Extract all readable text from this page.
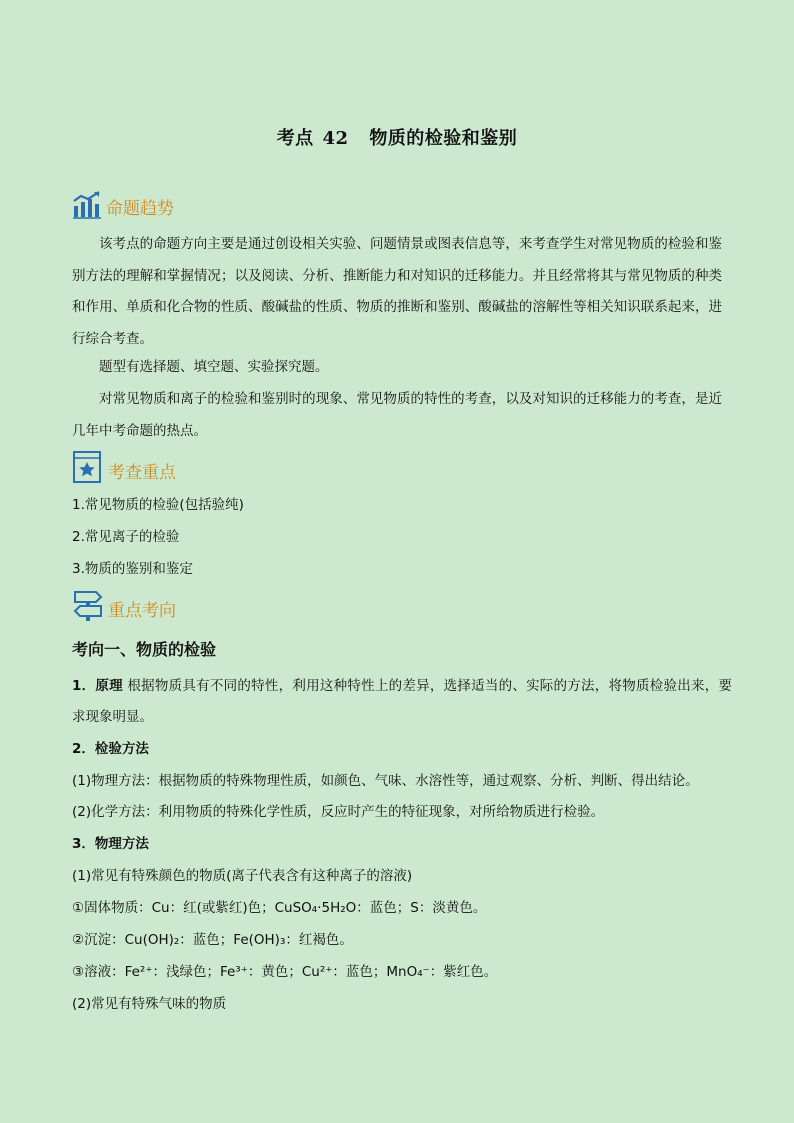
考点 42 物质的检验和鉴别
命题趋势
该考点的命题方向主要是通过创设相关实验、问题情景或图表信息等，来考查学生对常见物质的检验和鉴别方法的理解和掌握情况；以及阅读、分析、推断能力和对知识的迁移能力。并且经常将其与常见物质的种类和作用、单质和化合物的性质、酸碱盐的性质、物质的推断和鉴别、酸碱盐的溶解性等相关知识联系起来，进行综合考查。
题型有选择题、填空题、实验探究题。
对常见物质和离子的检验和鉴别时的现象、常见物质的特性的考查，以及对知识的迁移能力的考查，是近几年中考命题的热点。
考查重点
1.常见物质的检验(包括验纯)
2.常见离子的检验
3.物质的鉴别和鉴定
重点考向
考向一、物质的检验
1．原理 根据物质具有不同的特性，利用这种特性上的差异，选择适当的、实际的方法，将物质检验出来，要求现象明显。
2．检验方法
(1)物理方法：根据物质的特殊物理性质，如颜色、气味、水溶性等，通过观察、分析、判断、得出结论。
(2)化学方法：利用物质的特殊化学性质，反应时产生的特征现象，对所给物质进行检验。
3．物理方法
(1)常见有特殊颜色的物质(离子代表含有这种离子的溶液)
①固体物质：Cu：红(或紫红)色；CuSO₄·5H₂O：蓝色；S：淡黄色。
②沉淀：Cu(OH)₂：蓝色；Fe(OH)₃：红褐色。
③溶液：Fe²⁺：浅绿色；Fe³⁺：黄色；Cu²⁺：蓝色；MnO₄⁻：紫红色。
(2)常见有特殊气味的物质
